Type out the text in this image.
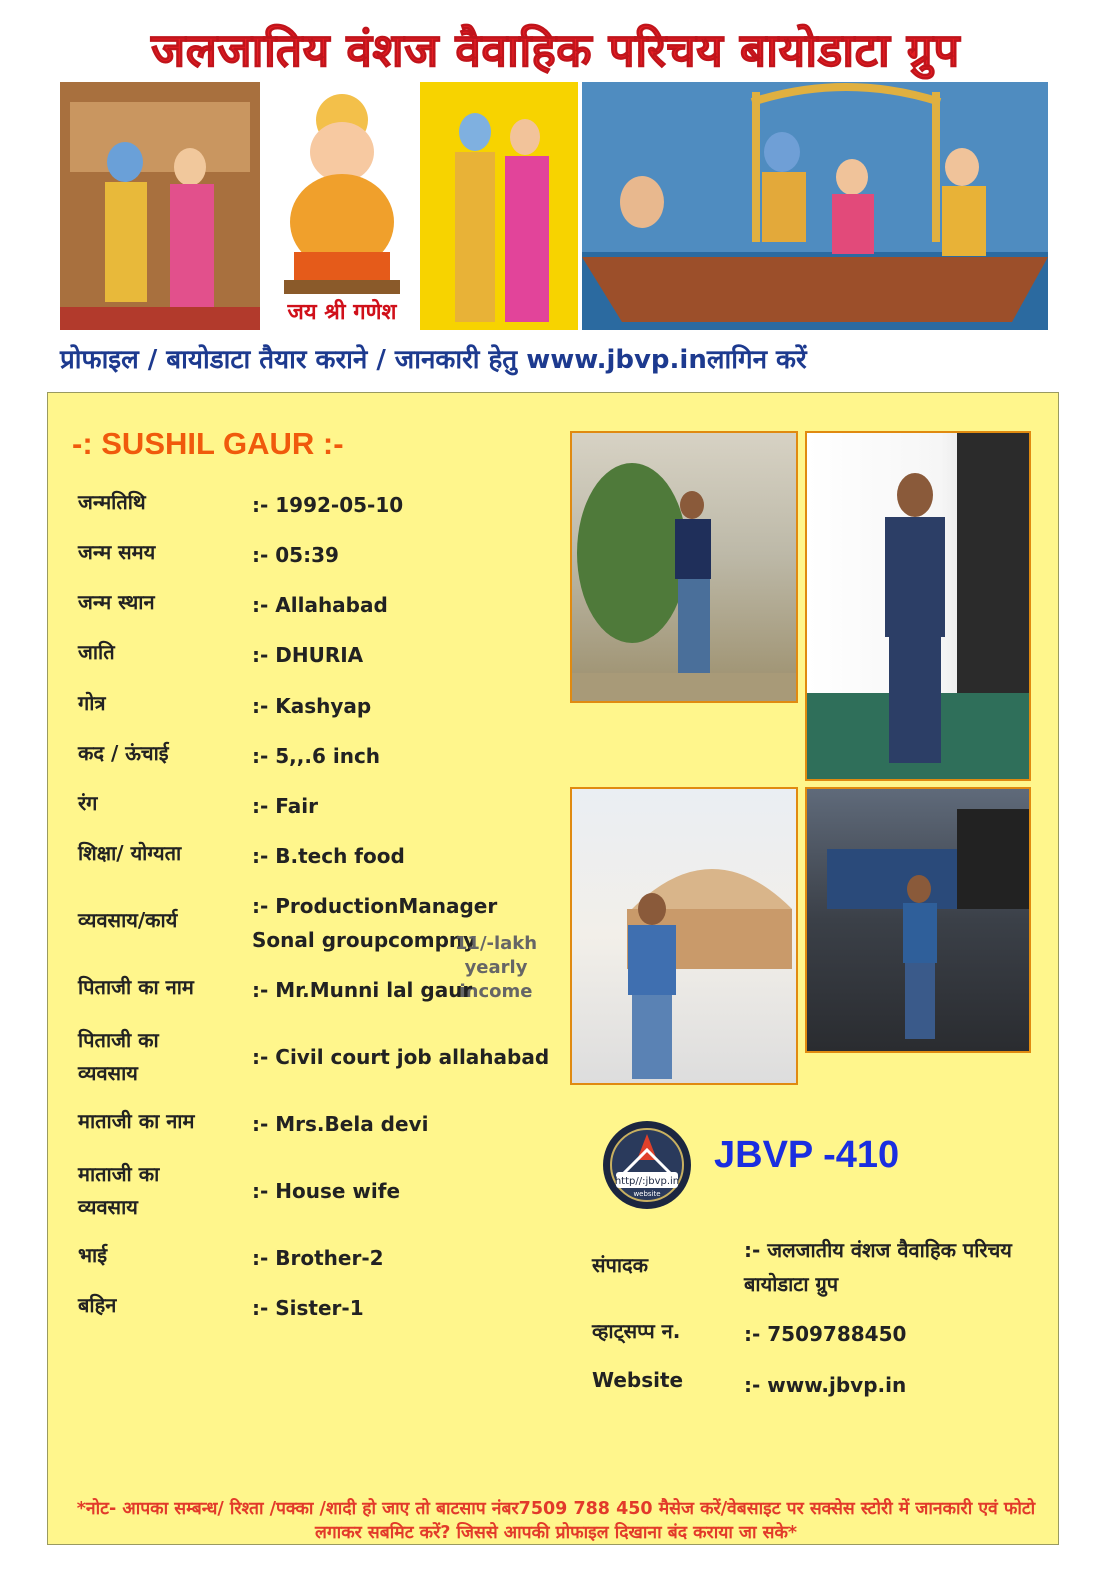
जलजातिय वंशज वैवाहिक परिचय बायोडाटा ग्रुप
जय श्री गणेश
प्रोफाइल / बायोडाटा तैयार कराने / जानकारी हेतु www.jbvp.inलागिन करें
-: SUSHIL GAUR :-
जन्मतिथि	:- 1992-05-10
जन्म समय	:- 05:39
जन्म स्थान	:- Allahabad
जाति	:- DHURIA
गोत्र	:- Kashyap
कद / ऊंचाई	:- 5,,.6 inch
रंग	:- Fair
शिक्षा/ योग्यता	:- B.tech food
व्यवसाय/कार्य
:- ProductionManager Sonal groupcompny
11/-lakh yearly income
पिताजी का नाम	:- Mr.Munni lal gaur
पिताजी का व्यवसाय
:- Civil court job allahabad
माताजी का नाम	:- Mrs.Bela devi
माताजी का व्यवसाय
:- House wife
भाई	:- Brother-2
बहिन	:- Sister-1
http//:jbvp.in
website
JBVP -410
संपादक
:- जलजातीय वंशज वैवाहिक परिचय बायोडाटा ग्रुप
व्हाट्सप्प न.	:- 7509788450
Website	:- www.jbvp.in
*नोट- आपका सम्बन्ध/ रिश्ता /पक्का /शादी हो जाए तो बाटसाप नंबर7509 788 450 मैसेज करें/वेबसाइट पर सक्सेस स्टोरी में जानकारी एवं फोटो लगाकर सबमिट करें? जिससे आपकी प्रोफाइल दिखाना बंद कराया जा सके*
